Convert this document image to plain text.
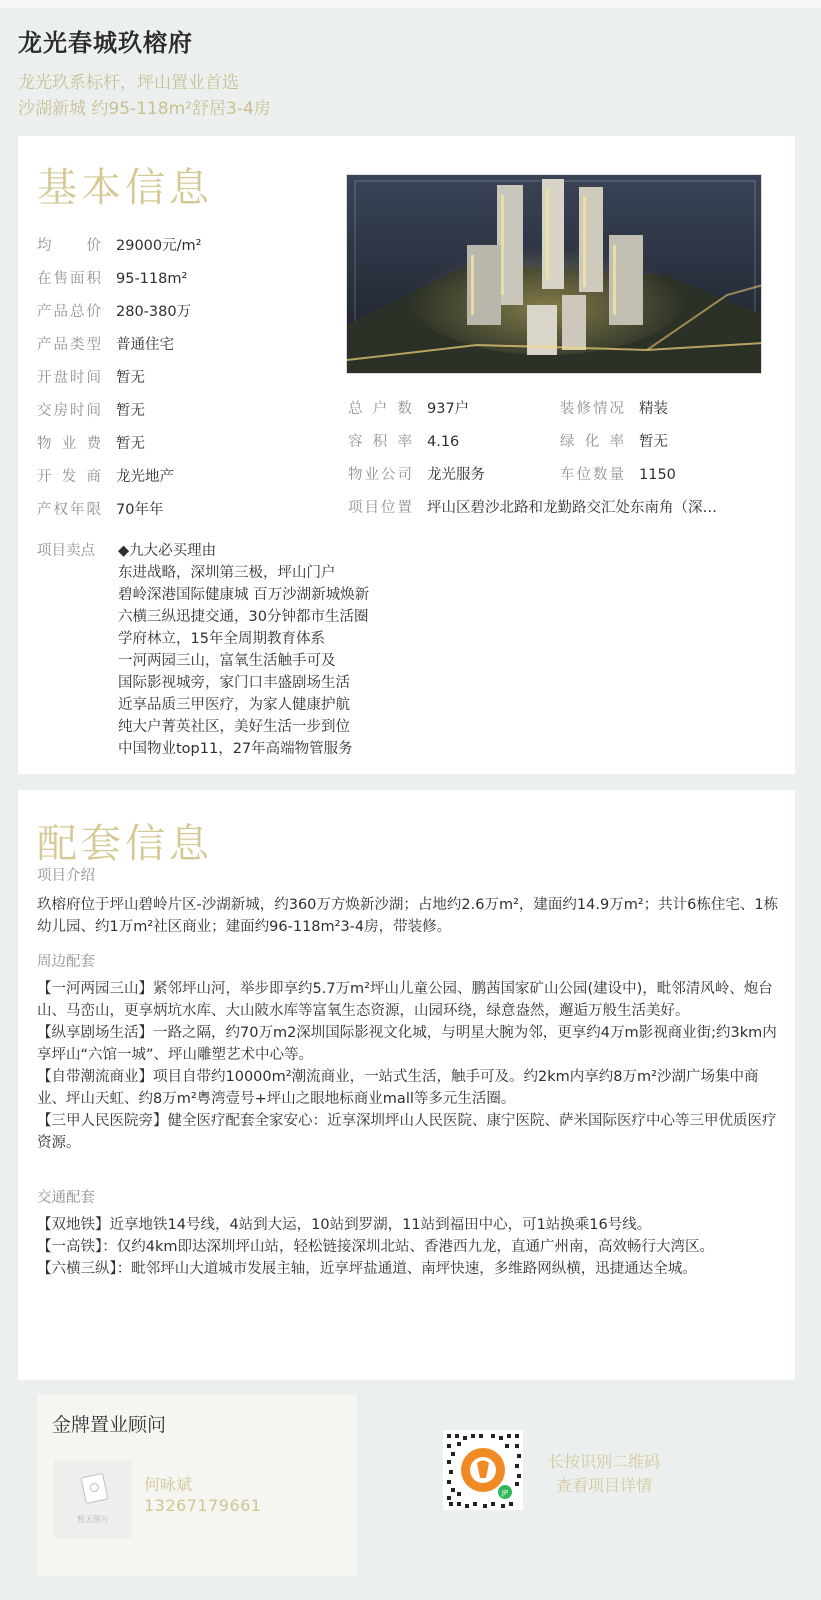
龙光春城玖榕府
龙光玖系标杆，坪山置业首选
沙湖新城 约95-118m²舒居3-4房
基本信息
均价 29000元/m²
在售面积 95-118m²
产品总价 280-380万
产品类型 普通住宅
开盘时间 暂无
交房时间 暂无
物业费 暂无
开发商 龙光地产
产权年限 70年年
总户数 937户	装修情况 精装
容积率 4.16	绿化率 暂无
物业公司 龙光服务	车位数量 1150
项目位置 坪山区碧沙北路和龙勤路交汇处东南角（深…
项目卖点 ◆九大必买理由
东进战略，深圳第三极，坪山门户
碧岭深港国际健康城 百万沙湖新城焕新
六横三纵迅捷交通，30分钟都市生活圈
学府林立，15年全周期教育体系
一河两园三山，富氧生活触手可及
国际影视城旁，家门口丰盛剧场生活
近享品质三甲医疗，为家人健康护航
纯大户菁英社区，美好生活一步到位
中国物业top11，27年高端物管服务
配套信息
项目介绍
玖榕府位于坪山碧岭片区-沙湖新城，约360万方焕新沙湖；占地约2.6万m²，建面约14.9万m²；共计6栋住宅、1栋幼儿园、约1万m²社区商业；建面约96-118m²3-4房，带装修。
周边配套
【一河两园三山】紧邻坪山河，举步即享约5.7万m²坪山儿童公园、鹏茜国家矿山公园(建设中)，毗邻清风岭、炮台山、马峦山，更享炳坑水库、大山陂水库等富氧生态资源，山园环绕，绿意盎然，邂逅万般生活美好。
【纵享剧场生活】一路之隔，约70万m2深圳国际影视文化城，与明星大腕为邻，更享约4万m影视商业街;约3km内享坪山“六馆一城”、坪山雕塑艺术中心等。
【自带潮流商业】项目自带约10000m²潮流商业，一站式生活，触手可及。约2km内享约8万m²沙湖广场集中商业、坪山天虹、约8万m²粤湾壹号+坪山之眼地标商业mall等多元生活圈。
【三甲人民医院旁】健全医疗配套全家安心：近享深圳坪山人民医院、康宁医院、萨米国际医疗中心等三甲优质医疗资源。
交通配套
【双地铁】近享地铁14号线，4站到大运，10站到罗湖，11站到福田中心，可1站换乘16号线。
【一高铁】：仅约4km即达深圳坪山站，轻松链接深圳北站、香港西九龙，直通广州南，高效畅行大湾区。
【六横三纵】：毗邻坪山大道城市发展主轴，近享坪盐通道、南坪快速，多维路网纵横，迅捷通达全城。
金牌置业顾问
暂无图片
何咏斌
13267179661
JP
长按识别二维码
查看项目详情
